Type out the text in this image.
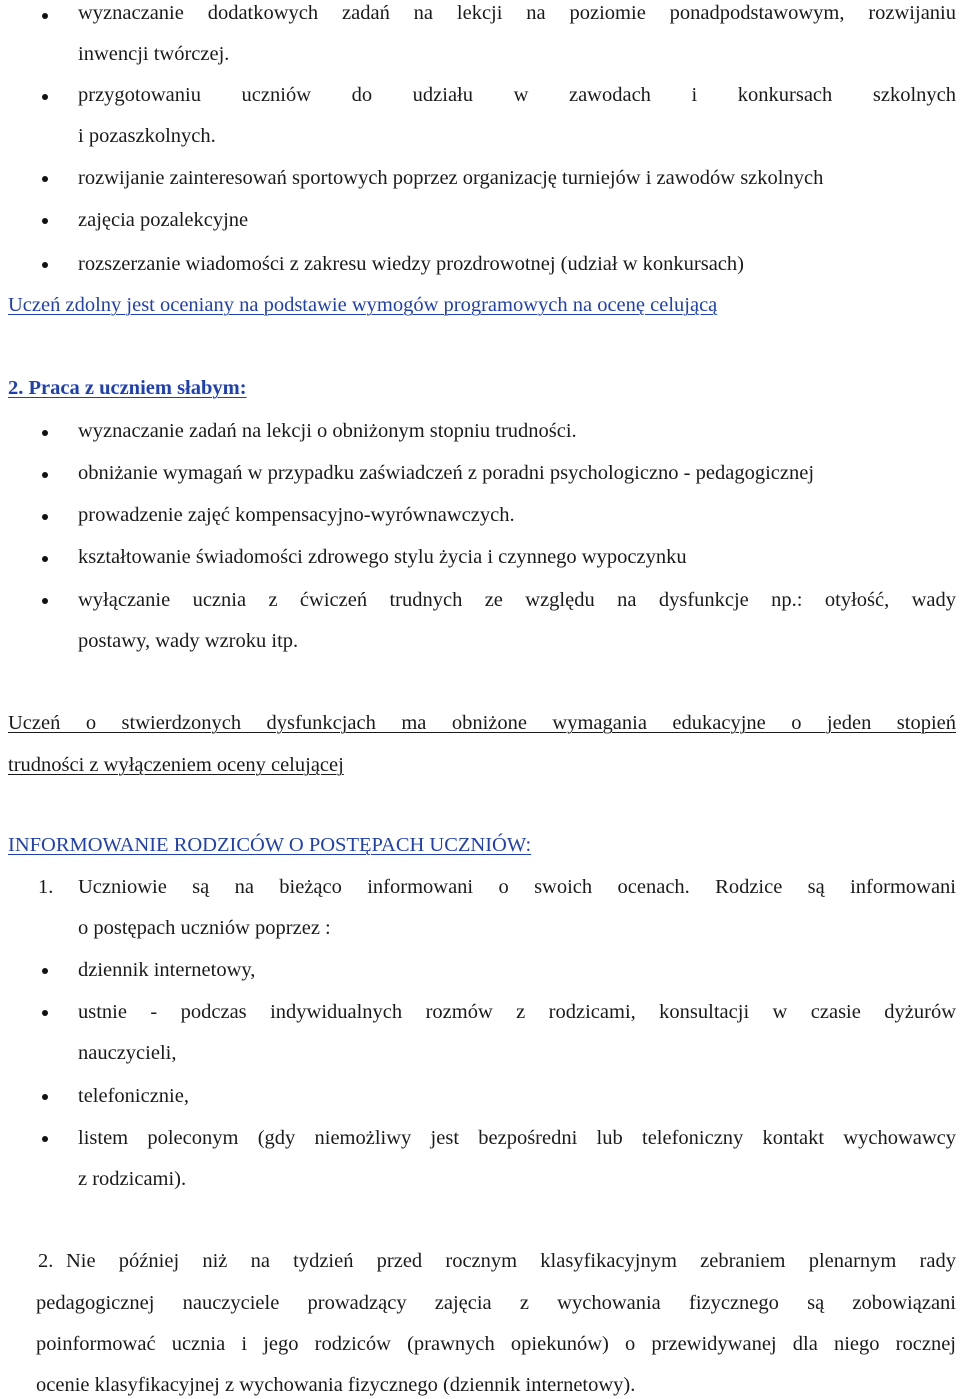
wyznaczanie dodatkowych zadań na lekcji na poziomie ponadpodstawowym, rozwijaniu
inwencji twórczej.
przygotowaniu uczniów do udziału w zawodach i konkursach szkolnych
i pozaszkolnych.
rozwijanie zainteresowań sportowych poprzez organizację turniejów i zawodów szkolnych
zajęcia pozalekcyjne
rozszerzanie wiadomości z zakresu wiedzy prozdrowotnej (udział w konkursach)
Uczeń zdolny jest oceniany na podstawie wymogów programowych na ocenę celującą
2. Praca z uczniem słabym:
wyznaczanie zadań na lekcji o obniżonym stopniu trudności.
obniżanie wymagań w przypadku zaświadczeń z poradni psychologiczno - pedagogicznej
prowadzenie zajęć kompensacyjno-wyrównawczych.
kształtowanie świadomości zdrowego stylu życia i czynnego wypoczynku
wyłączanie ucznia z ćwiczeń trudnych ze względu na dysfunkcje np.: otyłość, wady
postawy, wady wzroku itp.
Uczeń o stwierdzonych dysfunkcjach ma obniżone wymagania edukacyjne o jeden stopień
trudności z wyłączeniem oceny celującej
INFORMOWANIE RODZICÓW O POSTĘPACH UCZNIÓW:
1. Uczniowie są na bieżąco informowani o swoich ocenach. Rodzice są informowani
o postępach uczniów poprzez :
dziennik internetowy,
ustnie - podczas indywidualnych rozmów z rodzicami, konsultacji w czasie dyżurów
nauczycieli,
telefonicznie,
listem poleconym (gdy niemożliwy jest bezpośredni lub telefoniczny kontakt wychowawcy
z rodzicami).
2. Nie później niż na tydzień przed rocznym klasyfikacyjnym zebraniem plenarnym rady
pedagogicznej nauczyciele prowadzący zajęcia z wychowania fizycznego są zobowiązani
poinformować ucznia i jego rodziców (prawnych opiekunów) o przewidywanej dla niego rocznej
ocenie klasyfikacyjnej z wychowania fizycznego (dziennik internetowy).
